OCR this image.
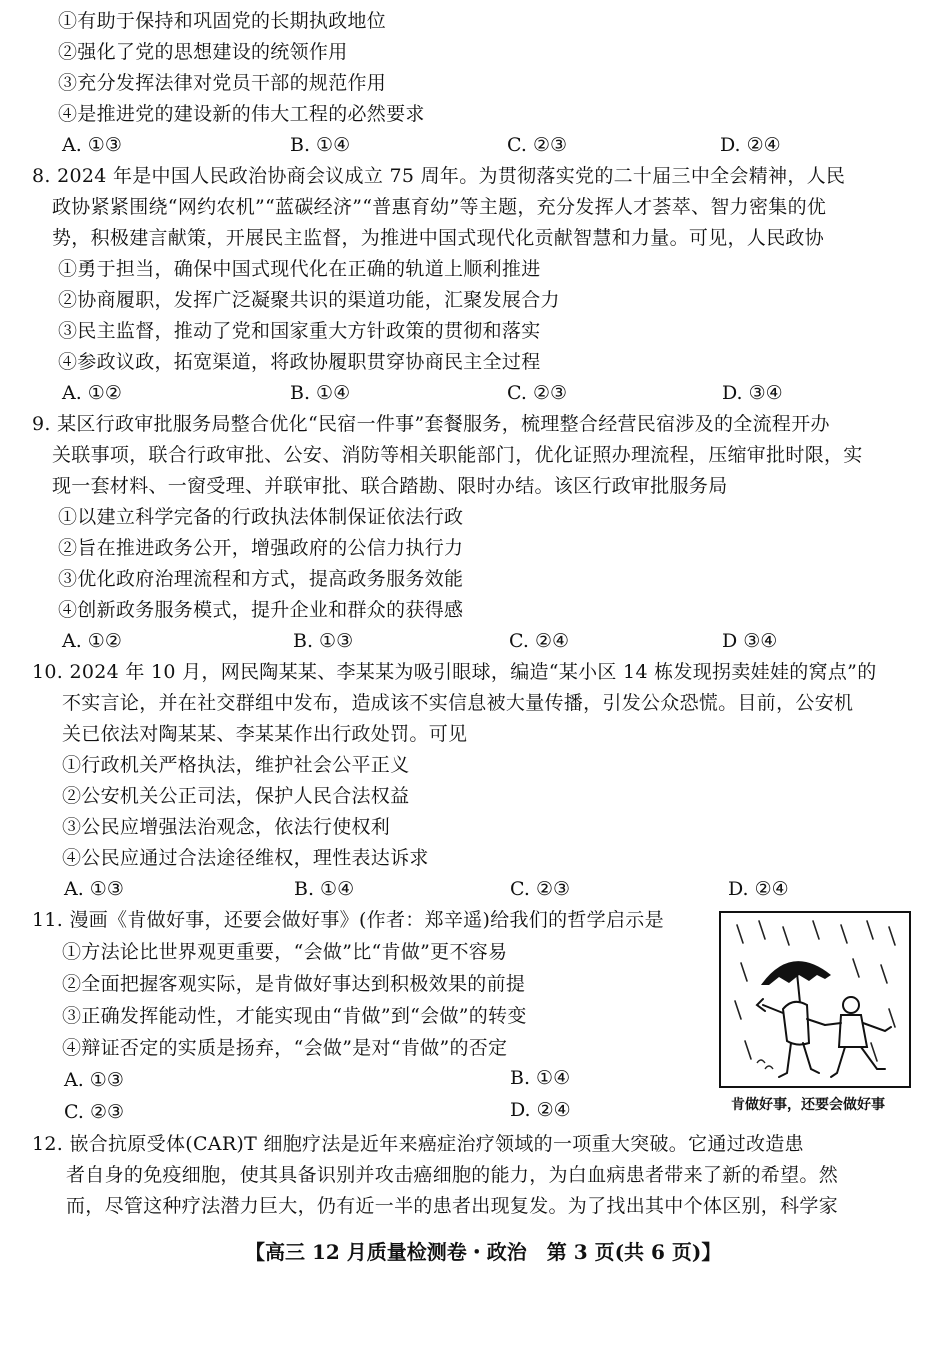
①有助于保持和巩固党的长期执政地位
②强化了党的思想建设的统领作用
③充分发挥法律对党员干部的规范作用
④是推进党的建设新的伟大工程的必然要求
A. ①③	B. ①④	C. ②③	D. ②④
8. 2024 年是中国人民政治协商会议成立 75 周年。为贯彻落实党的二十届三中全会精神，人民
政协紧紧围绕“网约农机”“蓝碳经济”“普惠育幼”等主题，充分发挥人才荟萃、智力密集的优
势，积极建言献策，开展民主监督，为推进中国式现代化贡献智慧和力量。可见，人民政协
①勇于担当，确保中国式现代化在正确的轨道上顺利推进
②协商履职，发挥广泛凝聚共识的渠道功能，汇聚发展合力
③民主监督，推动了党和国家重大方针政策的贯彻和落实
④参政议政，拓宽渠道，将政协履职贯穿协商民主全过程
A. ①②	B. ①④	C. ②③	D. ③④
9. 某区行政审批服务局整合优化“民宿一件事”套餐服务，梳理整合经营民宿涉及的全流程开办
关联事项，联合行政审批、公安、消防等相关职能部门，优化证照办理流程，压缩审批时限，实
现一套材料、一窗受理、并联审批、联合踏勘、限时办结。该区行政审批服务局
①以建立科学完备的行政执法体制保证依法行政
②旨在推进政务公开，增强政府的公信力执行力
③优化政府治理流程和方式，提高政务服务效能
④创新政务服务模式，提升企业和群众的获得感
A. ①②	B. ①③	C. ②④	D ③④
10. 2024 年 10 月，网民陶某某、李某某为吸引眼球，编造“某小区 14 栋发现拐卖娃娃的窝点”的
不实言论，并在社交群组中发布，造成该不实信息被大量传播，引发公众恐慌。目前，公安机
关已依法对陶某某、李某某作出行政处罚。可见
①行政机关严格执法，维护社会公平正义
②公安机关公正司法，保护人民合法权益
③公民应增强法治观念，依法行使权利
④公民应通过合法途径维权，理性表达诉求
A. ①③	B. ①④	C. ②③	D. ②④
11. 漫画《肯做好事，还要会做好事》(作者：郑辛遥)给我们的哲学启示是
①方法论比世界观更重要，“会做”比“肯做”更不容易
②全面把握客观实际，是肯做好事达到积极效果的前提
③正确发挥能动性，才能实现由“肯做”到“会做”的转变
④辩证否定的实质是扬弃，“会做”是对“肯做”的否定
A. ①③	B. ①④
C. ②③	D. ②④	肯做好事，还要会做好事
12. 嵌合抗原受体(CAR)T 细胞疗法是近年来癌症治疗领域的一项重大突破。它通过改造患
者自身的免疫细胞，使其具备识别并攻击癌细胞的能力，为白血病患者带来了新的希望。然
而，尽管这种疗法潜力巨大，仍有近一半的患者出现复发。为了找出其中个体区别，科学家
【高三 12 月质量检测卷・政治　第 3 页(共 6 页)】
